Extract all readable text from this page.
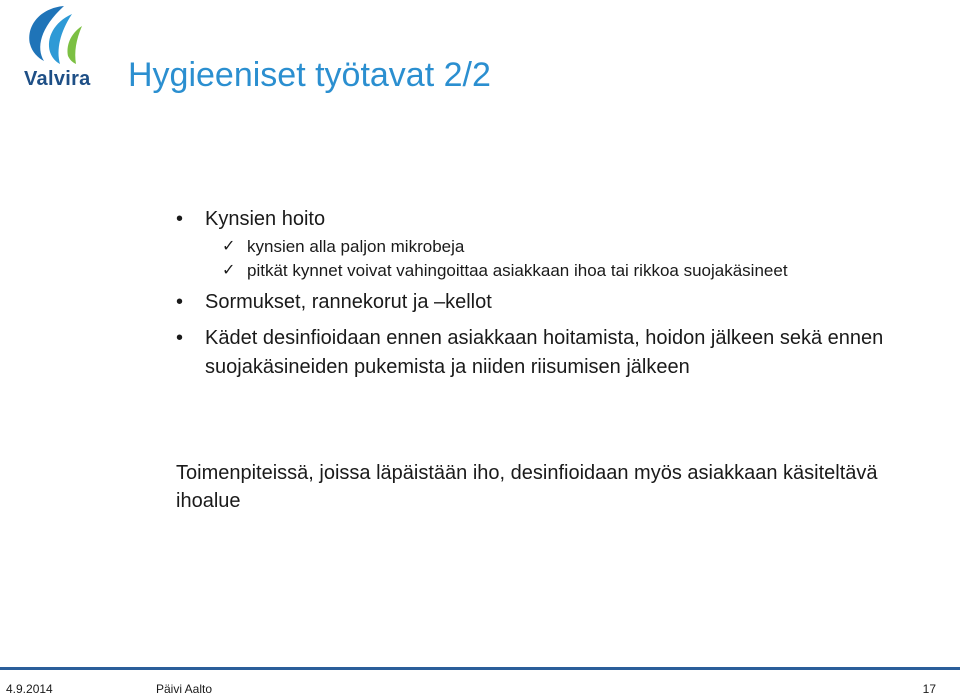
Valvira Hygieeniset työtavat 2/2
• Kynsien hoito
✓ kynsien alla paljon mikrobeja
✓ pitkät kynnet voivat vahingoittaa asiakkaan ihoa tai rikkoa suojakäsineet
• Sormukset, rannekorut ja –kellot
• Kädet desinfioidaan ennen asiakkaan hoitamista, hoidon jälkeen sekä ennen suojakäsineiden pukemista ja niiden riisumisen jälkeen
Toimenpiteissä, joissa läpäistään iho, desinfioidaan myös asiakkaan käsiteltävä ihoalue
4.9.2014	Päivi Aalto	17
